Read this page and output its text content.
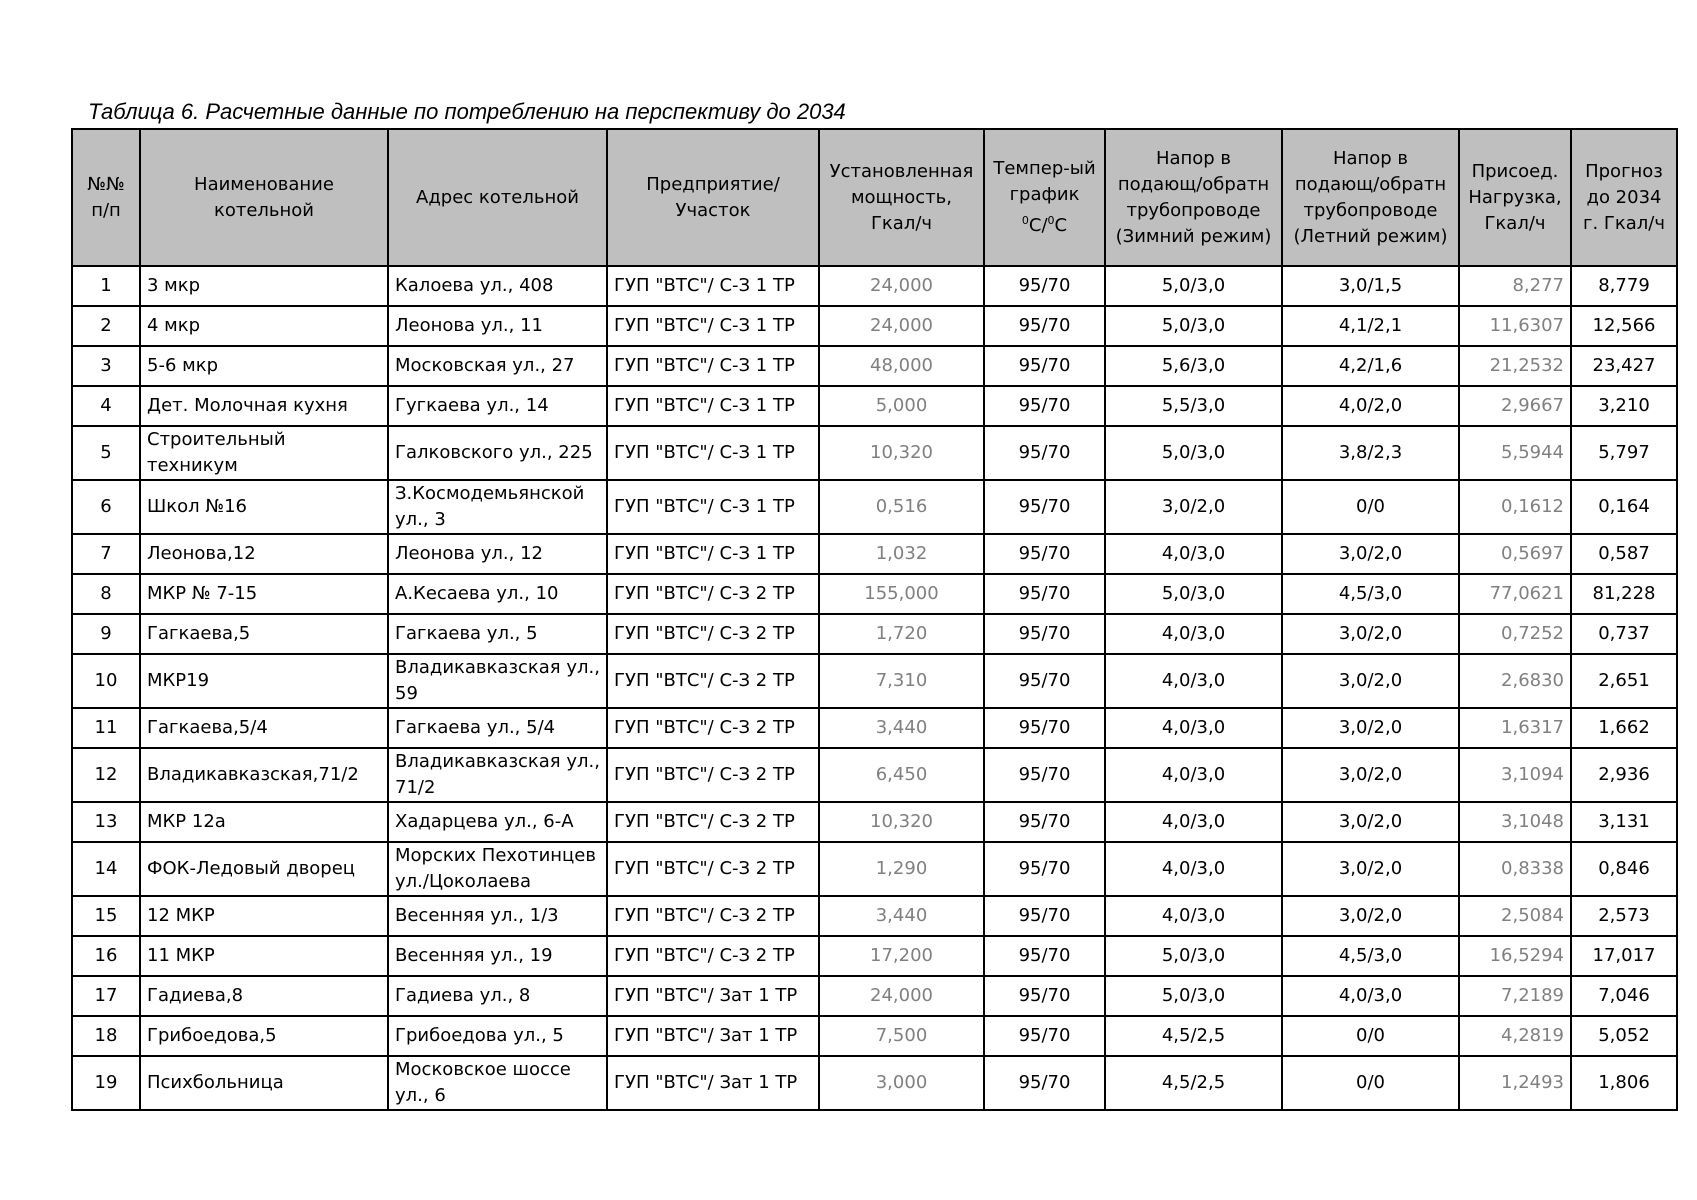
Таблица 6. Расчетные данные по потреблению на перспективу до 2034
№№ п/п	Наименование котельной	Адрес котельной	Предприятие/ Участок	Установленная мощность, Гкал/ч	Темпер-ый график $^0$С/$^0$С	Напор в подающ/обратн трубопроводе (Зимний режим)	Напор в подающ/обратн трубопроводе (Летний режим)	Присоед. Нагрузка, Гкал/ч	Прогноз до 2034 г. Гкал/ч
1	3 мкр	Калоева ул., 408	ГУП "ВТС"/ С-З 1 ТР	24,000	95/70	5,0/3,0	3,0/1,5	8,277	8,779
2	4 мкр	Леонова ул., 11	ГУП "ВТС"/ С-З 1 ТР	24,000	95/70	5,0/3,0	4,1/2,1	11,6307	12,566
3	5-6 мкр	Московская ул., 27	ГУП "ВТС"/ С-З 1 ТР	48,000	95/70	5,6/3,0	4,2/1,6	21,2532	23,427
4	Дет. Молочная кухня	Гугкаева ул., 14	ГУП "ВТС"/ С-З 1 ТР	5,000	95/70	5,5/3,0	4,0/2,0	2,9667	3,210
5	Строительный техникум	Галковского ул., 225	ГУП "ВТС"/ С-З 1 ТР	10,320	95/70	5,0/3,0	3,8/2,3	5,5944	5,797
6	Школ №16	З.Космодемьянской ул., 3	ГУП "ВТС"/ С-З 1 ТР	0,516	95/70	3,0/2,0	0/0	0,1612	0,164
7	Леонова,12	Леонова ул., 12	ГУП "ВТС"/ С-З 1 ТР	1,032	95/70	4,0/3,0	3,0/2,0	0,5697	0,587
8	МКР № 7-15	А.Кесаева ул., 10	ГУП "ВТС"/ С-З 2 ТР	155,000	95/70	5,0/3,0	4,5/3,0	77,0621	81,228
9	Гагкаева,5	Гагкаева ул., 5	ГУП "ВТС"/ С-З 2 ТР	1,720	95/70	4,0/3,0	3,0/2,0	0,7252	0,737
10	МКР19	Владикавказская ул., 59	ГУП "ВТС"/ С-З 2 ТР	7,310	95/70	4,0/3,0	3,0/2,0	2,6830	2,651
11	Гагкаева,5/4	Гагкаева ул., 5/4	ГУП "ВТС"/ С-З 2 ТР	3,440	95/70	4,0/3,0	3,0/2,0	1,6317	1,662
12	Владикавказская,71/2	Владикавказская ул., 71/2	ГУП "ВТС"/ С-З 2 ТР	6,450	95/70	4,0/3,0	3,0/2,0	3,1094	2,936
13	МКР 12а	Хадарцева ул., 6-А	ГУП "ВТС"/ С-З 2 ТР	10,320	95/70	4,0/3,0	3,0/2,0	3,1048	3,131
14	ФОК-Ледовый дворец	Морских Пехотинцев ул./Цоколаева	ГУП "ВТС"/ С-З 2 ТР	1,290	95/70	4,0/3,0	3,0/2,0	0,8338	0,846
15	12 МКР	Весенняя ул., 1/3	ГУП "ВТС"/ С-З 2 ТР	3,440	95/70	4,0/3,0	3,0/2,0	2,5084	2,573
16	11 МКР	Весенняя ул., 19	ГУП "ВТС"/ С-З 2 ТР	17,200	95/70	5,0/3,0	4,5/3,0	16,5294	17,017
17	Гадиева,8	Гадиева ул., 8	ГУП "ВТС"/ Зат 1 ТР	24,000	95/70	5,0/3,0	4,0/3,0	7,2189	7,046
18	Грибоедова,5	Грибоедова ул., 5	ГУП "ВТС"/ Зат 1 ТР	7,500	95/70	4,5/2,5	0/0	4,2819	5,052
19	Психбольница	Московское шоссе ул., 6	ГУП "ВТС"/ Зат 1 ТР	3,000	95/70	4,5/2,5	0/0	1,2493	1,806
